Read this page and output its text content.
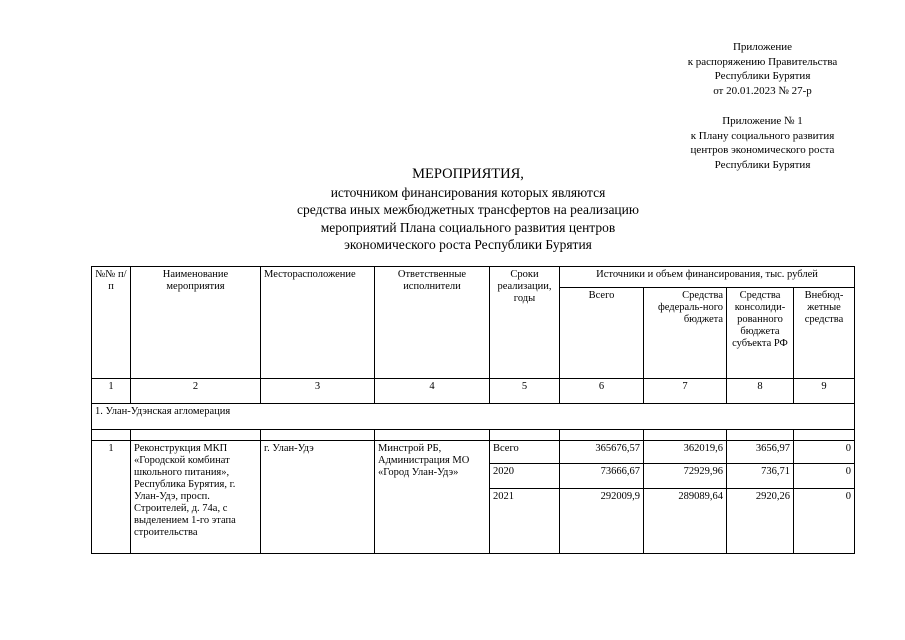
Приложение
к распоряжению Правительства
Республики Бурятия
от 20.01.2023 № 27-р
Приложение № 1
к Плану социального развития
центров экономического роста
Республики Бурятия
МЕРОПРИЯТИЯ,
источником финансирования которых являются
средства иных межбюджетных трансфертов на реализацию
мероприятий Плана социального развития центров
экономического роста Республики Бурятия
№№ п/п	Наименование мероприятия	Месторасположение	Ответственные исполнители	Сроки реализации, годы	Источники и объем финансирования, тыс. рублей			
					Всего	Средства федераль-ного бюджета	Средства консолиди-рованного бюджета субъекта РФ	Внебюд-жетные средства
1	2	3	4	5	6	7	8	9
1. Улан-Удэнская агломерация								

1	Реконструкция МКП «Городской комбинат школьного питания», Республика Бурятия, г. Улан-Удэ, просп. Строителей, д. 74а, с выделением 1-го этапа строительства	г. Улан-Удэ	Минстрой РБ, Администрация МО «Город Улан-Удэ»	Всего	365676,57	362019,6	3656,97	0
				2020	73666,67	72929,96	736,71	0
				2021	292009,9	289089,64	2920,26	0
